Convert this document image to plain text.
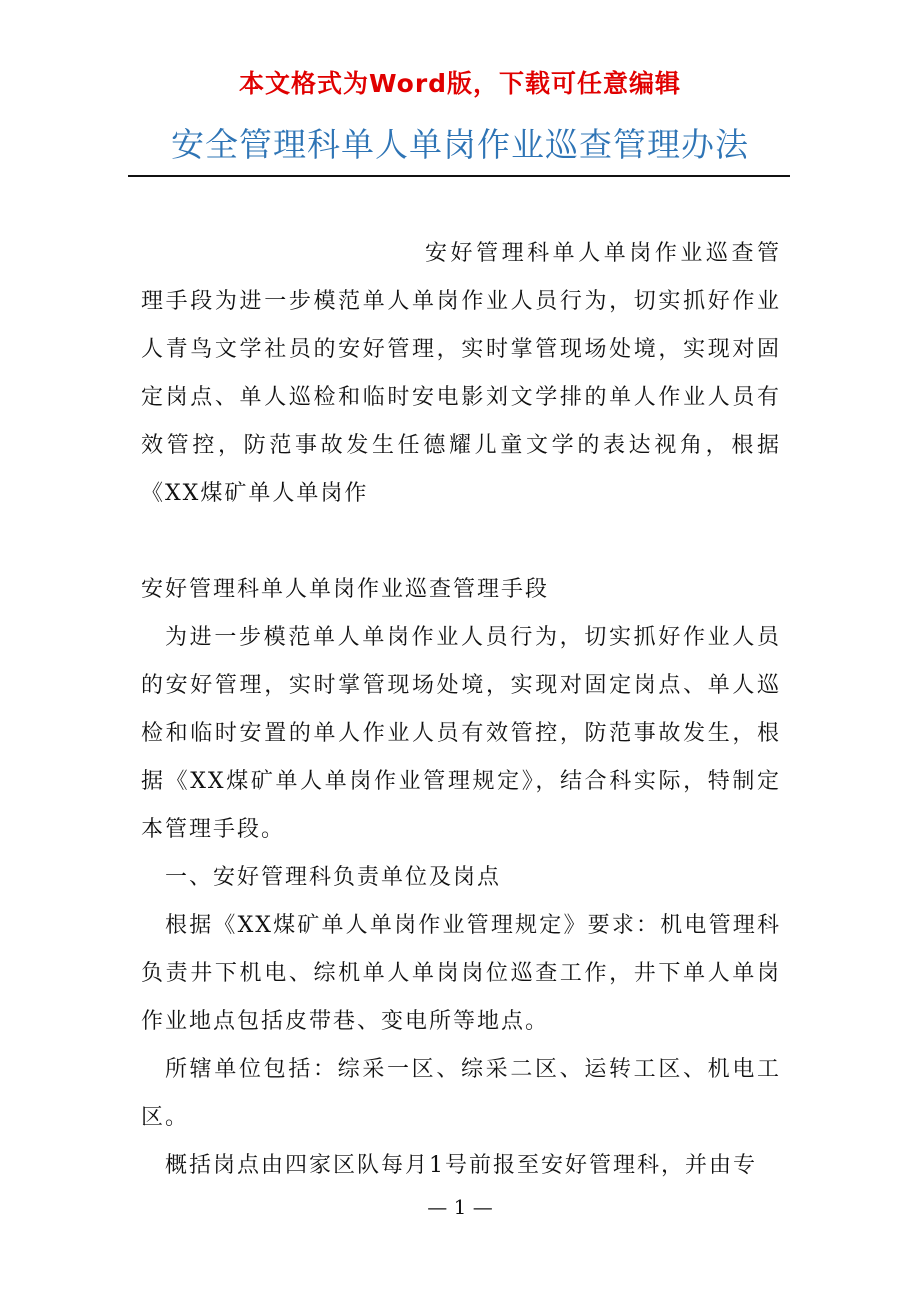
本文格式为Word版，下载可任意编辑
安全管理科单人单岗作业巡查管理办法

安好管理科单人单岗作业巡查管理手段为进一步模范单人单岗作业人员行为，切实抓好作业人青鸟文学社员的安好管理，实时掌管现场处境，实现对固定岗点、单人巡检和临时安电影刘文学排的单人作业人员有效管控，防范事故发生任德耀儿童文学的表达视角，根据《XX煤矿单人单岗作

安好管理科单人单岗作业巡查管理手段

为进一步模范单人单岗作业人员行为，切实抓好作业人员的安好管理，实时掌管现场处境，实现对固定岗点、单人巡检和临时安置的单人作业人员有效管控，防范事故发生，根据《XX煤矿单人单岗作业管理规定》，结合科实际，特制定本管理手段。

一、安好管理科负责单位及岗点

根据《XX煤矿单人单岗作业管理规定》要求：机电管理科负责井下机电、综机单人单岗岗位巡查工作，井下单人单岗作业地点包括皮带巷、变电所等地点。

所辖单位包括：综采一区、综采二区、运转工区、机电工区。

概括岗点由四家区队每月1号前报至安好管理科，并由专

— 1 —
